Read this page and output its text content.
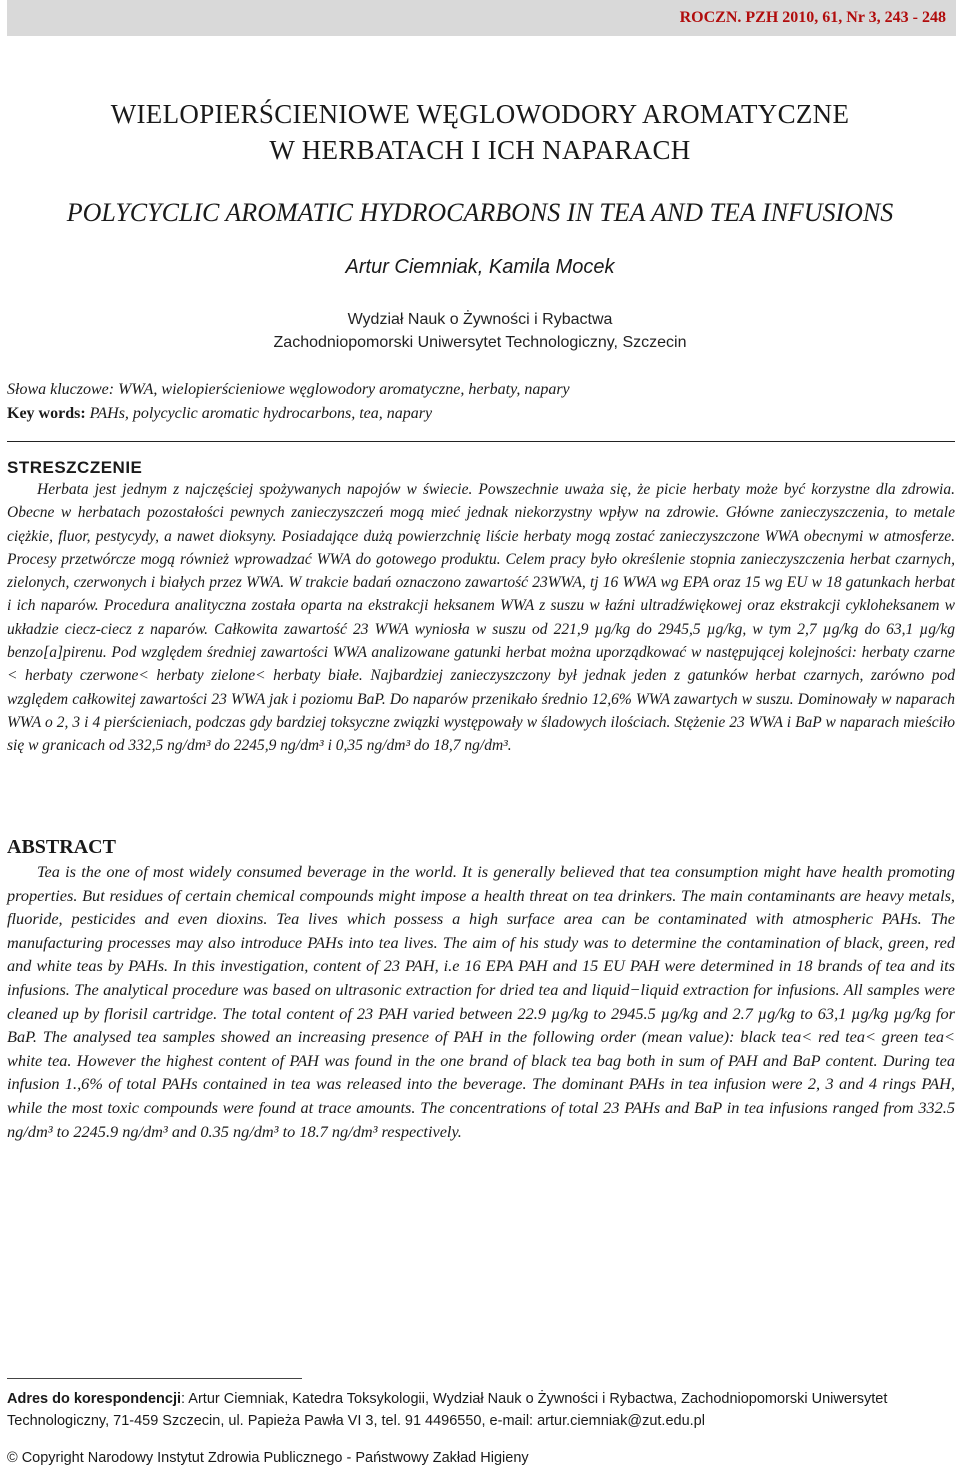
ROCZN. PZH 2010, 61, Nr 3, 243 - 248
WIELOPIERŚCIENIOWE WĘGLOWODORY AROMATYCZNE
W HERBATACH I ICH NAPARACH
POLYCYCLIC AROMATIC HYDROCARBONS IN TEA AND TEA INFUSIONS
Artur Ciemniak, Kamila Mocek
Wydział Nauk o Żywności i Rybactwa
Zachodniopomorski Uniwersytet Technologiczny, Szczecin
Słowa kluczowe: WWA, wielopierścieniowe węglowodory aromatyczne, herbaty, napary
Key words: PAHs, polycyclic aromatic hydrocarbons, tea, napary
STRESZCZENIE
Herbata jest jednym z najczęściej spożywanych napojów w świecie. Powszechnie uważa się, że picie herbaty może być korzystne dla zdrowia. Obecne w herbatach pozostałości pewnych zanieczyszczeń mogą mieć jednak niekorzystny wpływ na zdrowie. Główne zanieczyszczenia, to metale ciężkie, fluor, pestycydy, a nawet dioksyny. Posiadające dużą powierzchnię liście herbaty mogą zostać zanieczyszczone WWA obecnymi w atmosferze. Procesy przetwórcze mogą również wprowadzać WWA do gotowego produktu. Celem pracy było określenie stopnia zanieczyszczenia herbat czarnych, zielonych, czerwonych i białych przez WWA. W trakcie badań oznaczono zawartość 23WWA, tj 16 WWA wg EPA oraz 15 wg EU w 18 gatunkach herbat i ich naparów. Procedura analityczna została oparta na ekstrakcji heksanem WWA z suszu w łaźni ultradźwiękowej oraz ekstrakcji cykloheksanem w układzie ciecz-ciecz z naparów. Całkowita zawartość 23 WWA wyniosła w suszu od 221,9 µg/kg do 2945,5 µg/kg, w tym 2,7 µg/kg do 63,1 µg/kg benzo[a]pirenu. Pod względem średniej zawartości WWA analizowane gatunki herbat można uporządkować w następującej kolejności: herbaty czarne < herbaty czerwone< herbaty zielone< herbaty białe. Najbardziej zanieczyszczony był jednak jeden z gatunków herbat czarnych, zarówno pod względem całkowitej zawartości 23 WWA jak i poziomu BaP. Do naparów przenikało średnio 12,6% WWA zawartych w suszu. Dominowały w naparach WWA o 2, 3 i 4 pierścieniach, podczas gdy bardziej toksyczne związki występowały w śladowych ilościach. Stężenie 23 WWA i BaP w naparach mieściło się w granicach od 332,5 ng/dm³ do 2245,9 ng/dm³ i 0,35 ng/dm³ do 18,7 ng/dm³.
ABSTRACT
Tea is the one of most widely consumed beverage in the world. It is generally believed that tea consumption might have health promoting properties. But residues of certain chemical compounds might impose a health threat on tea drinkers. The main contaminants are heavy metals, fluoride, pesticides and even dioxins. Tea lives which possess a high surface area can be contaminated with atmospheric PAHs. The manufacturing processes may also introduce PAHs into tea lives. The aim of his study was to determine the contamination of black, green, red and white teas by PAHs. In this investigation, content of 23 PAH, i.e 16 EPA PAH and 15 EU PAH were determined in 18 brands of tea and its infusions. The analytical procedure was based on ultrasonic extraction for dried tea and liquid−liquid extraction for infusions. All samples were cleaned up by florisil cartridge. The total content of 23 PAH varied between 22.9 µg/kg to 2945.5 µg/kg and 2.7 µg/kg to 63,1 µg/kg µg/kg for BaP. The analysed tea samples showed an increasing presence of PAH in the following order (mean value): black tea< red tea< green tea< white tea. However the highest content of PAH was found in the one brand of black tea bag both in sum of PAH and BaP content. During tea infusion 1.,6% of total PAHs contained in tea was released into the beverage. The dominant PAHs in tea infusion were 2, 3 and 4 rings PAH, while the most toxic compounds were found at trace amounts. The concentrations of total 23 PAHs and BaP in tea infusions ranged from 332.5 ng/dm³ to 2245.9 ng/dm³ and 0.35 ng/dm³ to 18.7 ng/dm³ respectively.
Adres do korespondencji: Artur Ciemniak, Katedra Toksykologii, Wydział Nauk o Żywności i Rybactwa, Zachodniopomorski Uniwersytet Technologiczny, 71-459 Szczecin, ul. Papieża Pawła VI 3, tel. 91 4496550, e-mail: artur.ciemniak@zut.edu.pl
© Copyright Narodowy Instytut Zdrowia Publicznego - Państwowy Zakład Higieny
